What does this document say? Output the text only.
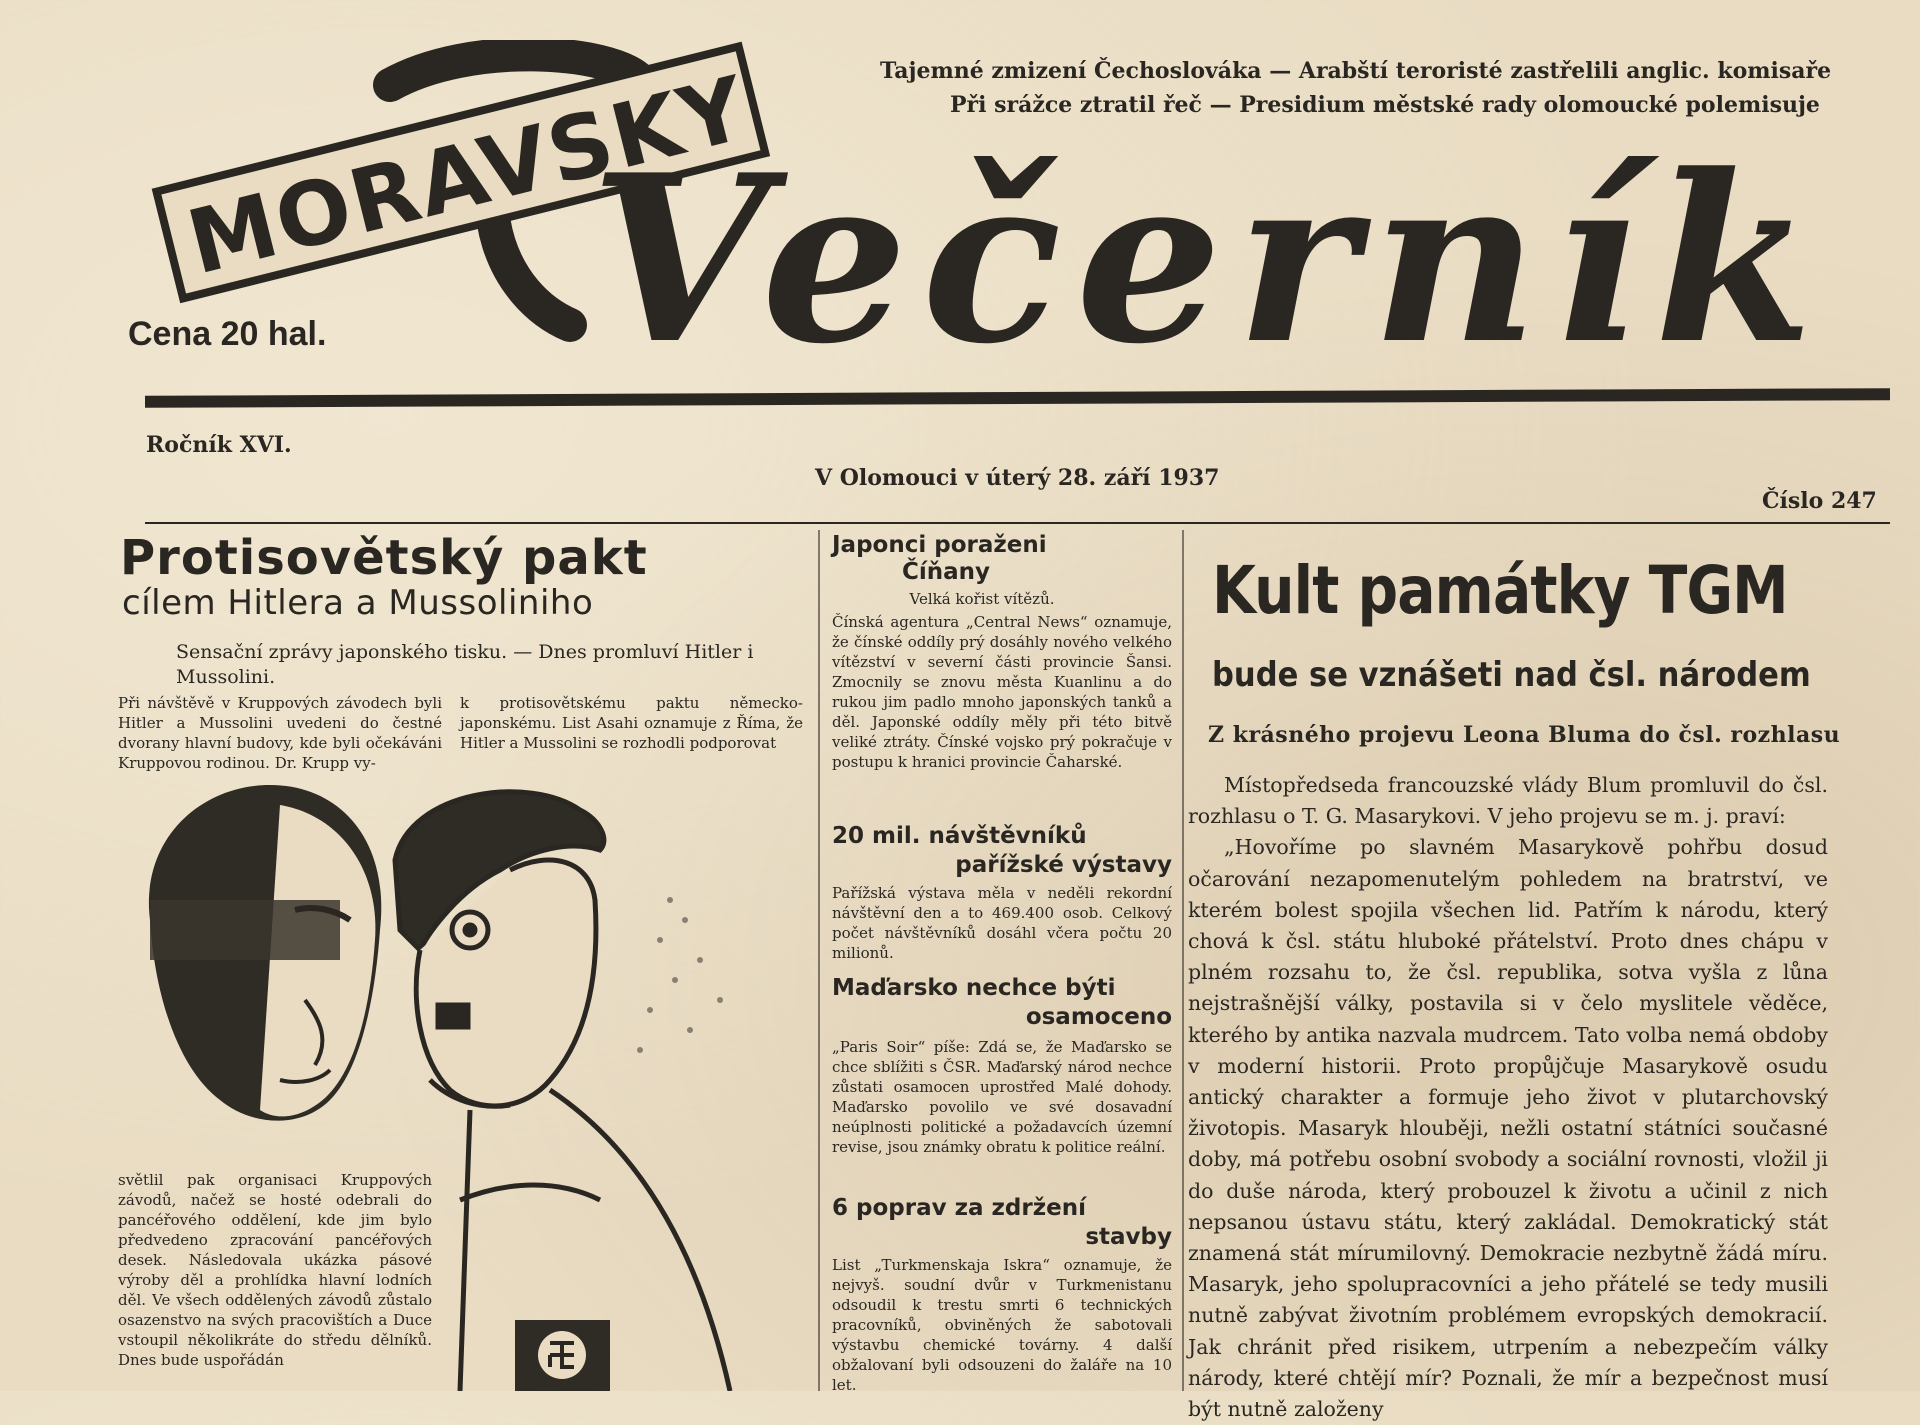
MORAVSKY
Večerník
Cena 20 hal.
Tajemné zmizení Čechoslováka — Arabští teroristé zastřelili anglic. komisaře
Při srážce ztratil řeč — Presidium městské rady olomoucké polemisuje
Ročník XVI.
V Olomouci v úterý 28. září 1937
Číslo 247
Protisovětský pakt
cílem Hitlera a Mussoliniho
Sensační zprávy japonského tisku. — Dnes promluví Hitler i Mussolini.
Při návštěvě v Kruppových závodech byli Hitler a Mussolini uvedeni do čestné dvorany hlavní budovy, kde byli očekáváni Kruppovou rodinou. Dr. Krupp vy-
k protisovětskému paktu německo-japonskému. List Asahi oznamuje z Říma, že Hitler a Mussolini se rozhodli podporovat
světlil pak organisaci Kruppových závodů, načež se hosté odebrali do pancéřového oddělení, kde jim bylo předvedeno zpracování pancéřových desek. Následovala ukázka pásové výroby děl a prohlídka hlavní lodních děl. Ve všech oddělených závodů zůstalo osazenstvo na svých pracovištích a Duce vstoupil několikráte do středu dělníků. Dnes bude uspořádán
Japonci poraženi
Číňany
Velká kořist vítězů.
Čínská agentura „Central News“ oznamuje, že čínské oddíly prý dosáhly nového velkého vítězství v severní části provincie Šansi. Zmocnily se znovu města Kuanlinu a do rukou jim padlo mnoho japonských tanků a děl. Japonské oddíly měly při této bitvě veliké ztráty. Čínské vojsko prý pokračuje v postupu k hranici provincie Čaharské.
20 mil. návštěvníků
pařížské výstavy
Pařížská výstava měla v neděli rekordní návštěvní den a to 469.400 osob. Celkový počet návštěvníků dosáhl včera počtu 20 milionů.
Maďarsko nechce býti
osamoceno
„Paris Soir“ píše: Zdá se, že Maďarsko se chce sblížiti s ČSR. Maďarský národ nechce zůstati osamocen uprostřed Malé dohody. Maďarsko povolilo ve své dosavadní neúplnosti politické a požadavcích územní revise, jsou známky obratu k politice reální.
6 poprav za zdržení
stavby
List „Turkmenskaja Iskra“ oznamuje, že nejvyš. soudní dvůr v Turkmenistanu odsoudil k trestu smrti 6 technických pracovníků, obviněných že sabotovali výstavbu chemické továrny. 4 další obžalovaní byli odsouzeni do žaláře na 10 let.
Kult památky TGM
bude se vznášeti nad čsl. národem
Z krásného projevu Leona Bluma do čsl. rozhlasu

Místopředseda francouzské vlády Blum promluvil do čsl. rozhlasu o T. G. Masarykovi. V jeho projevu se m. j. praví:

„Hovoříme po slavném Masarykově pohřbu dosud očarování nezapomenutelým pohledem na bratrství, ve kterém bolest spojila všechen lid. Patřím k národu, který chová k čsl. státu hluboké přátelství. Proto dnes chápu v plném rozsahu to, že čsl. republika, sotva vyšla z lůna nejstrašnější války, postavila si v čelo myslitele věděce, kterého by antika nazvala mudrcem. Tato volba nemá obdoby v moderní historii. Proto propůjčuje Masarykově osudu antický charakter a formuje jeho život v plutarchovský životopis. Masaryk hlouběji, nežli ostatní státníci současné doby, má potřebu osobní svobody a sociální rovnosti, vložil ji do duše národa, který probouzel k životu a učinil z nich nepsanou ústavu státu, který zakládal. Demokratický stát znamená stát mírumilovný. Demokracie nezbytně žádá míru. Masaryk, jeho spolupracovníci a jeho přátelé se tedy musili nutně zabývat životním problémem evropských demokracií. Jak chránit před risikem, utrpením a nebezpečím války národy, které chtějí mír? Poznali, že mír a bezpečnost musí být nutně založeny
